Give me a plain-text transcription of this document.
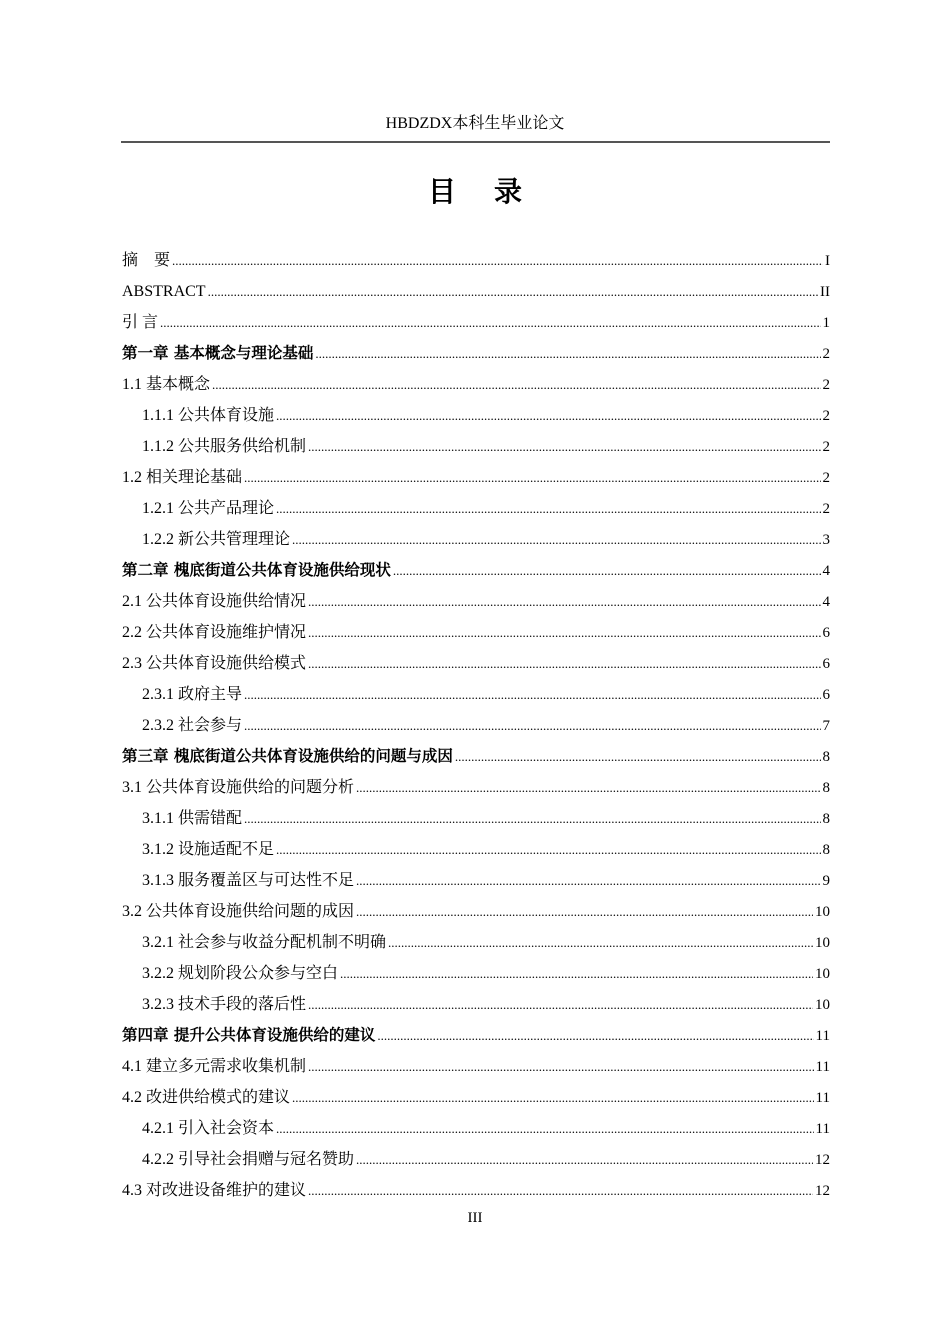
HBDZDX本科生毕业论文
目 录
摘　要 .....	I
ABSTRACT .....	II
引 言 .....	1
第一章 基本概念与理论基础 .....	2
1.1 基本概念 .....	2
1.1.1 公共体育设施 .....	2
1.1.2 公共服务供给机制 .....	2
1.2 相关理论基础 .....	2
1.2.1 公共产品理论 .....	2
1.2.2 新公共管理理论 .....	3
第二章 槐底街道公共体育设施供给现状 .....	4
2.1 公共体育设施供给情况 .....	4
2.2 公共体育设施维护情况 .....	6
2.3 公共体育设施供给模式 .....	6
2.3.1 政府主导 .....	6
2.3.2 社会参与 .....	7
第三章 槐底街道公共体育设施供给的问题与成因 .....	8
3.1 公共体育设施供给的问题分析 .....	8
3.1.1 供需错配 .....	8
3.1.2 设施适配不足 .....	8
3.1.3 服务覆盖区与可达性不足 .....	9
3.2 公共体育设施供给问题的成因 .....	10
3.2.1 社会参与收益分配机制不明确 .....	10
3.2.2 规划阶段公众参与空白 .....	10
3.2.3 技术手段的落后性 .....	10
第四章 提升公共体育设施供给的建议 .....	11
4.1 建立多元需求收集机制 .....	11
4.2 改进供给模式的建议 .....	11
4.2.1 引入社会资本 .....	11
4.2.2 引导社会捐赠与冠名赞助 .....	12
4.3 对改进设备维护的建议 .....	12
III
